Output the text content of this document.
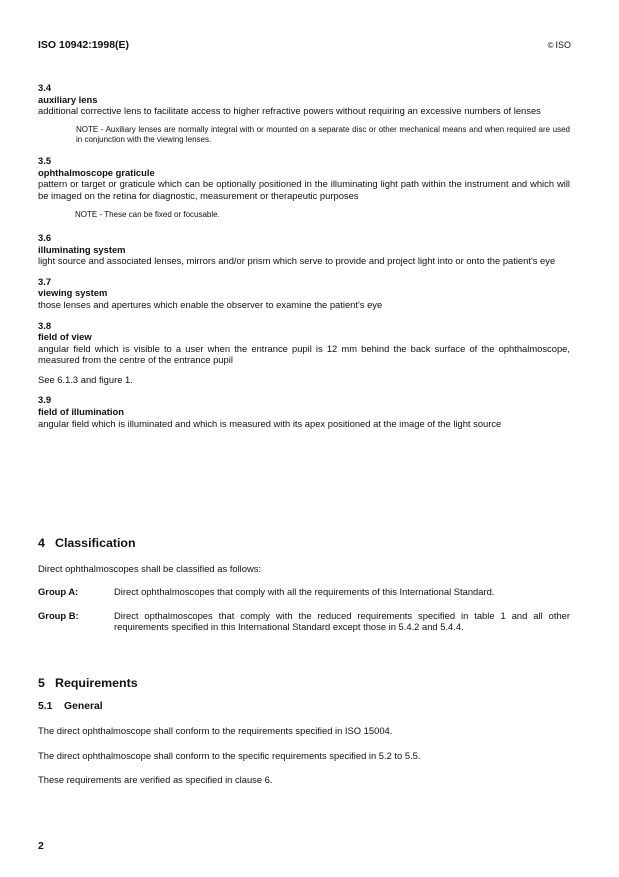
ISO 10942:1998(E)	© ISO
3.4
auxiliary lens
additional corrective lens to facilitate access to higher refractive powers without requiring an excessive numbers of lenses
NOTE - Auxiliary lenses are normally integral with or mounted on a separate disc or other mechanical means and when required are used in conjunction with the viewing lenses.
3.5
ophthalmoscope graticule
pattern or target or graticule which can be optionally positioned in the illuminating light path within the instrument and which will be imaged on the retina for diagnostic, measurement or therapeutic purposes
NOTE - These can be fixed or focusable.
3.6
illuminating system
light source and associated lenses, mirrors and/or prism which serve to provide and project light into or onto the patient's eye
3.7
viewing system
those lenses and apertures which enable the observer to examine the patient's eye
3.8
field of view
angular field which is visible to a user when the entrance pupil is 12 mm behind the back surface of the ophthalmoscope, measured from the centre of the entrance pupil
See 6.1.3 and figure 1.
3.9
field of illumination
angular field which is illuminated and which is measured with its apex positioned at the image of the light source
4 Classification
Direct ophthalmoscopes shall be classified as follows:
Group A:	Direct ophthalmoscopes that comply with all the requirements of this International Standard.
Group B:	Direct opthalmoscopes that comply with the reduced requirements specified in table 1 and all other requirements specified in this International Standard except those in 5.4.2 and 5.4.4.
5 Requirements
5.1 General
The direct ophthalmoscope shall conform to the requirements specified in ISO 15004.
The direct ophthalmoscope shall conform to the specific requirements specified in 5.2 to 5.5.
These requirements are verified as specified in clause 6.
2
